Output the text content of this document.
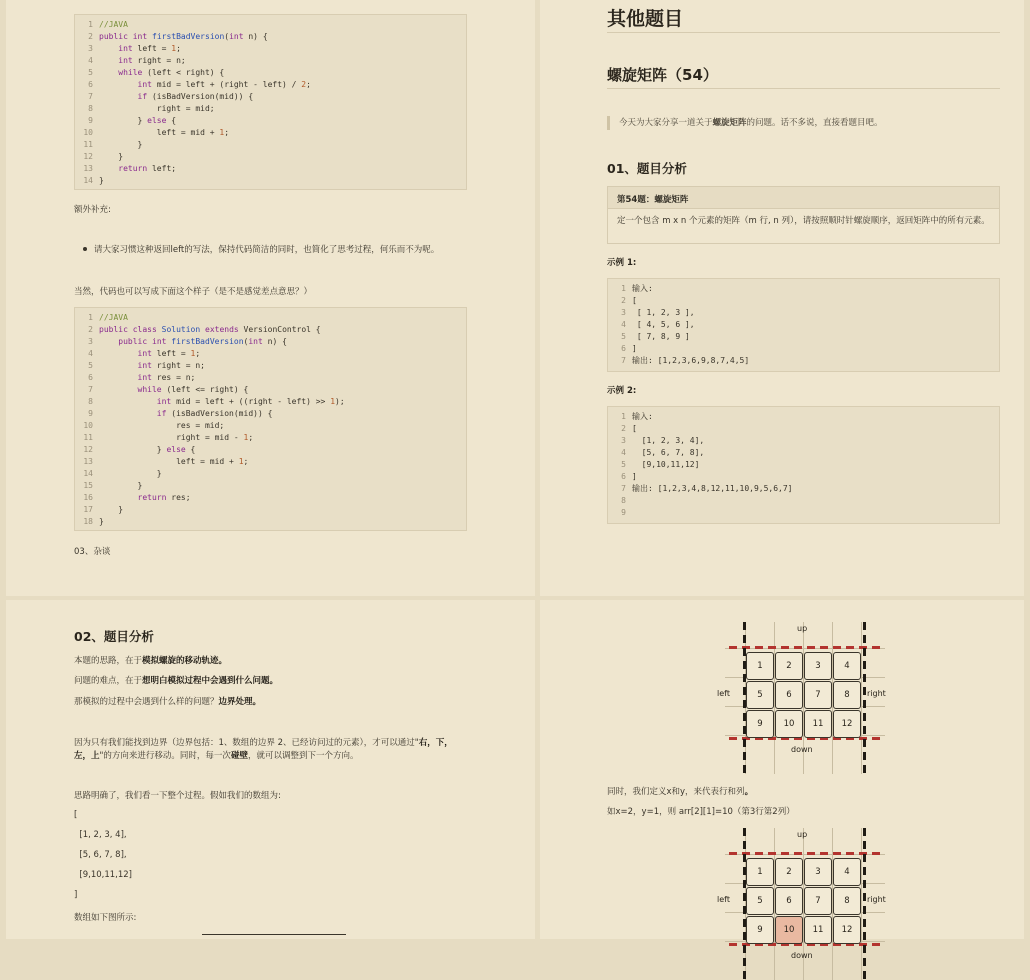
1 //JAVA
2 public int firstBadVersion(int n) {
3	int left = 1;
4	int right = n;
5	while (left < right) {
6	int mid = left + (right - left) / 2;
7	if (isBadVersion(mid)) {
8 right = mid;
9 } else {
10 left = mid + 1;
11 }
12 }
13	return left;
14 }
额外补充:
请大家习惯这种返回left的写法，保持代码简洁的同时，也简化了思考过程，何乐而不为呢。
当然，代码也可以写成下面这个样子（是不是感觉差点意思？）
1 //JAVA
2 public class Solution extends VersionControl {
3	public int firstBadVersion(int n) {
4	int left = 1;
5	int right = n;
6	int res = n;
7	while (left <= right) {
8	int mid = left + ((right - left) >> 1);
9	if (isBadVersion(mid)) {
10 res = mid;
11 right = mid - 1;
12 } else {
13 left = mid + 1;
14 }
15 }
16	return res;
17 }
18 }
03、杂谈
其他题目
螺旋矩阵（54）
今天为大家分享一道关于螺旋矩阵的问题。话不多说，直接看题目吧。
01、题目分析
第54题：螺旋矩阵
定一个包含 m x n 个元素的矩阵（m 行, n 列），请按照顺时针螺旋顺序，返回矩阵中的所有元素。
示例 1:
1 输入:
2 [
3 [ 1, 2, 3 ],
4 [ 4, 5, 6 ],
5 [ 7, 8, 9 ]
6 ]
7 输出: [1,2,3,6,9,8,7,4,5]
示例 2:
1 输入:
2 [
3 [1, 2, 3, 4],
4 [5, 6, 7, 8],
5 [9,10,11,12]
6 ]
7 输出: [1,2,3,4,8,12,11,10,9,5,6,7]
8
9
02、题目分析
本题的思路，在于模拟螺旋的移动轨迹。
问题的难点，在于想明白模拟过程中会遇到什么问题。
那模拟的过程中会遇到什么样的问题？边界处理。
因为只有我们能找到边界（边界包括：1、数组的边界 2、已经访问过的元素），才可以通过"右，下，
左，上"的方向来进行移动。同时，每一次碰壁，就可以调整到下一个方向。
思路明确了，我们看一下整个过程。假如我们的数组为:
[
[1, 2, 3, 4],
[5, 6, 7, 8],
[9,10,11,12]
]
数组如下图所示:
1	2	3	4
5	6	7	8
9	10	11	12
up
down
left	right
同时，我们定义x和y，来代表行和列。
如x=2，y=1，则 arr[2][1]=10（第3行第2列）
1	2	3	4
5	6	7	8
9	10	11	12
up
down
left	right
